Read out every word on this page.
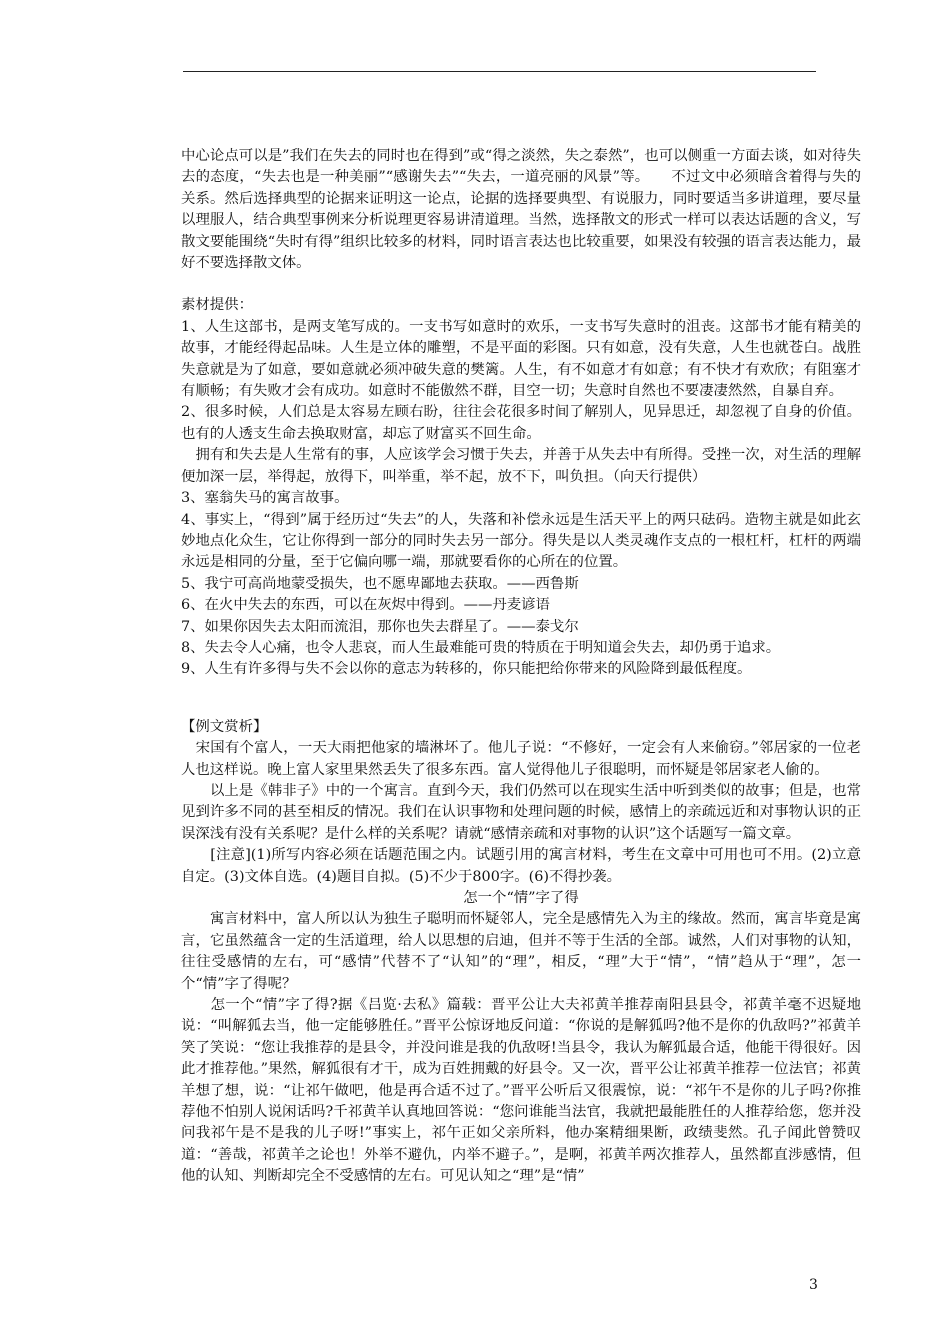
中心论点可以是”我们在失去的同时也在得到”或“得之淡然，失之泰然”，也可以侧重一方面去谈，如对待失去的态度，“失去也是一种美丽”“感谢失去”“失去，一道亮丽的风景”等。　　不过文中必须暗含着得与失的关系。然后选择典型的论据来证明这一论点，论据的选择要典型、有说服力，同时要适当多讲道理，要尽量以理服人，结合典型事例来分析说理更容易讲清道理。当然，选择散文的形式一样可以表达话题的含义，写散文要能围绕“失时有得”组织比较多的材料，同时语言表达也比较重要，如果没有较强的语言表达能力，最好不要选择散文体。

素材提供：

1、人生这部书，是两支笔写成的。一支书写如意时的欢乐，一支书写失意时的沮丧。这部书才能有精美的故事，才能经得起品味。人生是立体的雕塑，不是平面的彩图。只有如意，没有失意，人生也就苍白。战胜失意就是为了如意，要如意就必须冲破失意的樊篱。人生，有不如意才有如意；有不快才有欢欣；有阻塞才有顺畅；有失败才会有成功。如意时不能傲然不群，目空一切；失意时自然也不要凄凄然然，自暴自弃。

2、很多时候，人们总是太容易左顾右盼，往往会花很多时间了解别人，见异思迁，却忽视了自身的价值。也有的人透支生命去换取财富，却忘了财富买不回生命。

　拥有和失去是人生常有的事，人应该学会习惯于失去，并善于从失去中有所得。受挫一次，对生活的理解便加深一层，举得起，放得下，叫举重，举不起，放不下，叫负担。（向天行提供）

3、塞翁失马的寓言故事。

4、事实上，“得到”属于经历过“失去”的人，失落和补偿永远是生活天平上的两只砝码。造物主就是如此玄妙地点化众生，它让你得到一部分的同时失去另一部分。得失是以人类灵魂作支点的一根杠杆，杠杆的两端永远是相同的分量，至于它偏向哪一端，那就要看你的心所在的位置。

5、我宁可高尚地蒙受损失，也不愿卑鄙地去获取。——西鲁斯

6、在火中失去的东西，可以在灰烬中得到。——丹麦谚语

7、如果你因失去太阳而流泪，那你也失去群星了。——泰戈尔

8、失去令人心痛，也令人悲哀，而人生最难能可贵的特质在于明知道会失去，却仍勇于追求。

9、人生有许多得与失不会以你的意志为转移的，你只能把给你带来的风险降到最低程度。

【例文赏析】

　宋国有个富人，一天大雨把他家的墙淋坏了。他儿子说：“不修好，一定会有人来偷窃。”邻居家的一位老人也这样说。晚上富人家里果然丢失了很多东西。富人觉得他儿子很聪明，而怀疑是邻居家老人偷的。

　　以上是《韩非子》中的一个寓言。直到今天，我们仍然可以在现实生活中听到类似的故事；但是，也常见到许多不同的甚至相反的情况。我们在认识事物和处理问题的时候，感情上的亲疏远近和对事物认识的正误深浅有没有关系呢？是什么样的关系呢？请就“感情亲疏和对事物的认识”这个话题写一篇文章。

　　[注意](1)所写内容必须在话题范围之内。试题引用的寓言材料，考生在文章中可用也可不用。(2)立意自定。(3)文体自选。(4)题目自拟。(5)不少于800字。(6)不得抄袭。

怎一个“情”字了得

　　寓言材料中，富人所以认为独生子聪明而怀疑邻人，完全是感情先入为主的缘故。然而，寓言毕竟是寓言，它虽然蕴含一定的生活道理，给人以思想的启迪，但并不等于生活的全部。诚然，人们对事物的认知，往往受感情的左右，可“感情”代替不了“认知”的“理”，相反，“理”大于“情”，“情”趋从于“理”，怎一个“情”字了得呢？

　　怎一个“情”字了得?据《吕览·去私》篇载：晋平公让大夫祁黄羊推荐南阳县县令，祁黄羊毫不迟疑地说：“叫解狐去当，他一定能够胜任。”晋平公惊讶地反问道：“你说的是解狐吗?他不是你的仇敌吗?”祁黄羊笑了笑说：“您让我推荐的是县令，并没问谁是我的仇敌呀!当县令，我认为解狐最合适，他能干得很好。因此才推荐他。”果然，解狐很有才干，成为百姓拥戴的好县令。又一次，晋平公让祁黄羊推荐一位法官；祁黄羊想了想，说：“让祁午做吧，他是再合适不过了。”晋平公听后又很震惊，说：“祁午不是你的儿子吗?你推荐他不怕别人说闲话吗?千祁黄羊认真地回答说：“您问谁能当法官，我就把最能胜任的人推荐给您，您并没问我祁午是不是我的儿子呀!”事实上，祁午正如父亲所料，他办案精细果断，政绩斐然。孔子闻此曾赞叹道：“善哉，祁黄羊之论也！外举不避仇，内举不避子。”，是啊，祁黄羊两次推荐人，虽然都直涉感情，但他的认知、判断却完全不受感情的左右。可见认知之“理”是“情”

3
